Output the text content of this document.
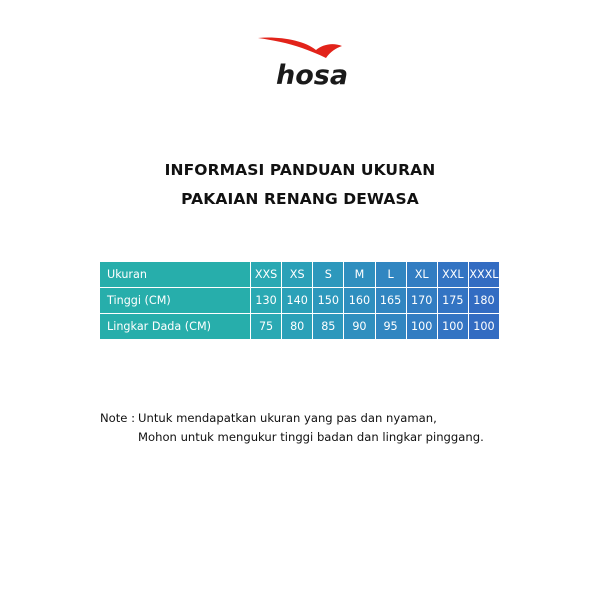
hosa
INFORMASI PANDUAN UKURAN
PAKAIAN RENANG DEWASA
Ukuran	XXS	XS	S	M	L	XL	XXL	XXXL
Tinggi (CM)	130	140	150	160	165	170	175	180
Lingkar Dada (CM)	75	80	85	90	95	100	100	100
Note : Untuk mendapatkan ukuran yang pas dan nyaman,
Mohon untuk mengukur tinggi badan dan lingkar pinggang.
